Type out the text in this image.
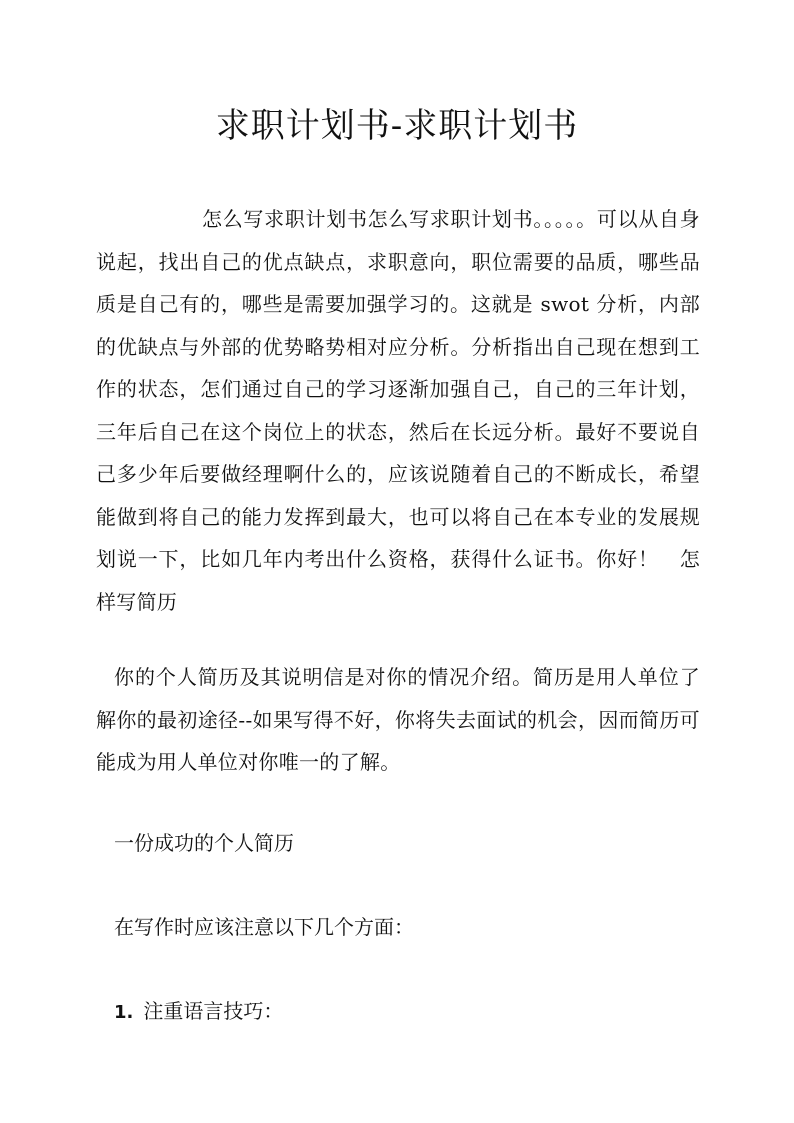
求职计划书-求职计划书
怎么写求职计划书怎么写求职计划书。。。。。可以从自身说起，找出自己的优点缺点，求职意向，职位需要的品质，哪些品质是自己有的，哪些是需要加强学习的。这就是 swot 分析，内部的优缺点与外部的优势略势相对应分析。分析指出自己现在想到工作的状态，怎们通过自己的学习逐渐加强自己，自己的三年计划，三年后自己在这个岗位上的状态，然后在长远分析。最好不要说自己多少年后要做经理啊什么的，应该说随着自己的不断成长，希望能做到将自己的能力发挥到最大，也可以将自己在本专业的发展规划说一下，比如几年内考出什么资格，获得什么证书。你好！　怎样写简历
你的个人简历及其说明信是对你的情况介绍。简历是用人单位了解你的最初途径--如果写得不好，你将失去面试的机会，因而简历可能成为用人单位对你唯一的了解。
一份成功的个人简历
在写作时应该注意以下几个方面：
1. 注重语言技巧：
